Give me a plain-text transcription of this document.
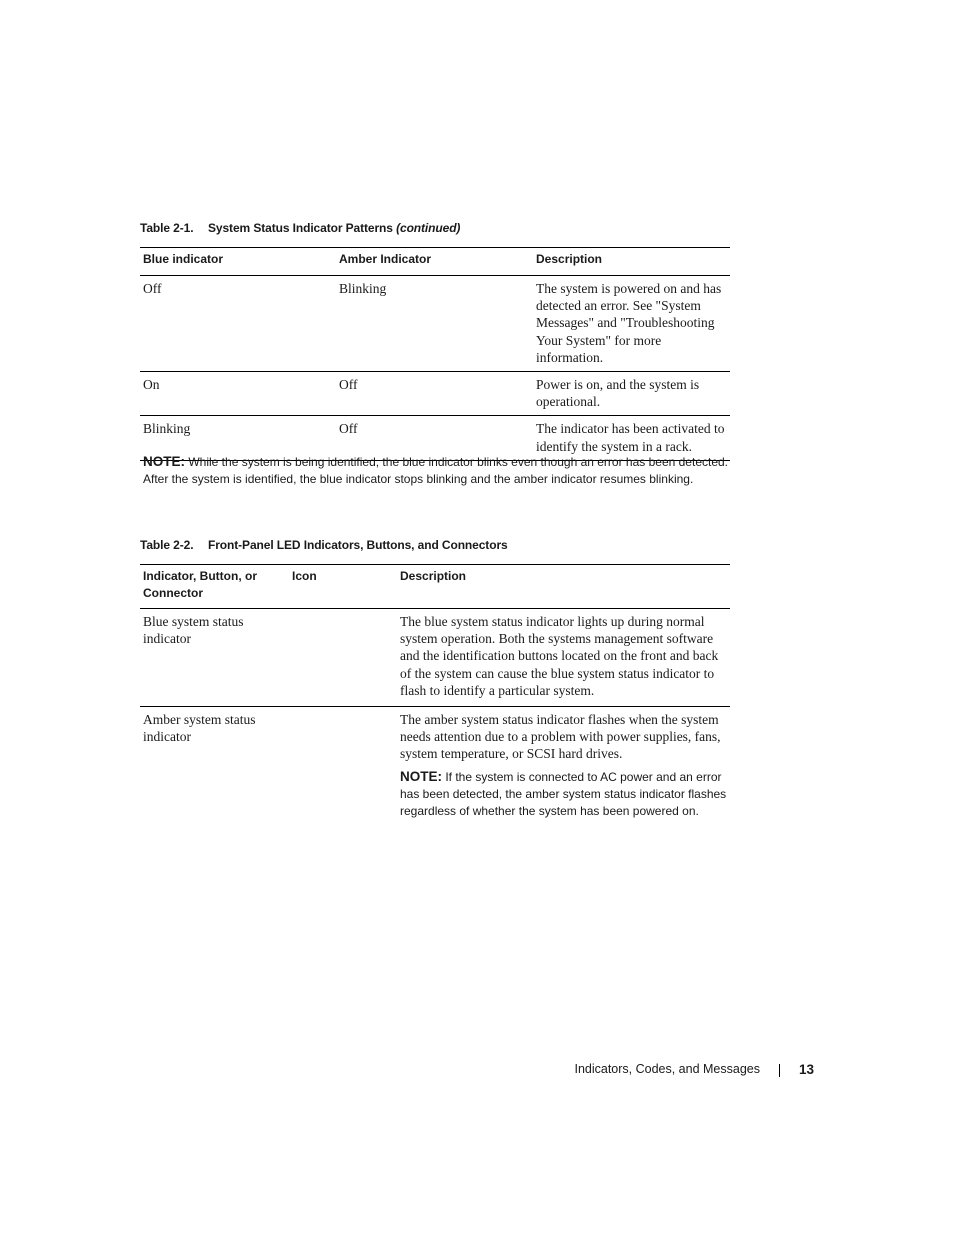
Table 2-1. System Status Indicator Patterns (continued)
Blue indicator	Amber Indicator	Description
Off	Blinking	The system is powered on and has detected an error. See "System Messages" and "Troubleshooting Your System" for more information.
On	Off	Power is on, and the system is operational.
Blinking	Off	The indicator has been activated to identify the system in a rack.
NOTE: While the system is being identified, the blue indicator blinks even though an error has been detected. After the system is identified, the blue indicator stops blinking and the amber indicator resumes blinking.
Table 2-2. Front-Panel LED Indicators, Buttons, and Connectors
Indicator, Button, or Connector	Icon	Description
Blue system status indicator		The blue system status indicator lights up during normal system operation. Both the systems management software and the identification buttons located on the front and back of the system can cause the blue system status indicator to flash to identify a particular system.
Amber system status indicator		The amber system status indicator flashes when the system needs attention due to a problem with power supplies, fans, system temperature, or SCSI hard drives.
NOTE: If the system is connected to AC power and an error has been detected, the amber system status indicator flashes regardless of whether the system has been powered on.
Indicators, Codes, and Messages	13
